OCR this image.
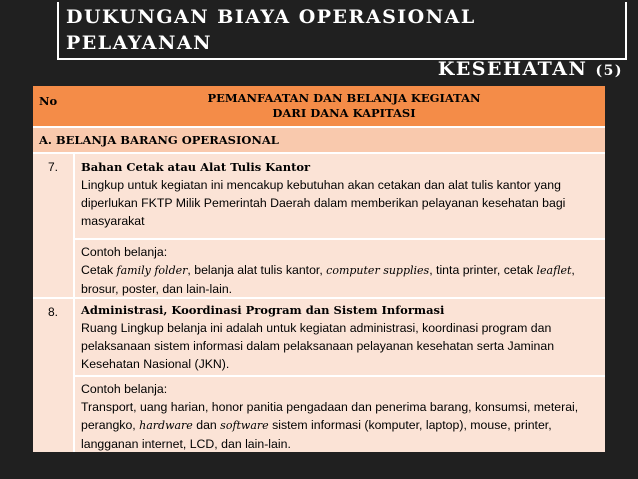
DUKUNGAN BIAYA OPERASIONAL PELAYANAN
KESEHATAN (5)
No	PEMANFAATAN DAN BELANJA KEGIATAN
DARI DANA KAPITASI
A. BELANJA BARANG OPERASIONAL
7.	Bahan Cetak atau Alat Tulis Kantor
Lingkup untuk kegiatan ini mencakup kebutuhan akan cetakan dan alat tulis kantor yang diperlukan FKTP Milik Pemerintah Daerah dalam memberikan pelayanan kesehatan bagi masyarakat
Contoh belanja:
Cetak family folder, belanja alat tulis kantor, computer supplies, tinta printer, cetak leaflet, brosur, poster, dan lain-lain.
8.	Administrasi, Koordinasi Program dan Sistem Informasi
Ruang Lingkup belanja ini adalah untuk kegiatan administrasi, koordinasi program dan pelaksanaan sistem informasi dalam pelaksanaan pelayanan kesehatan serta Jaminan Kesehatan Nasional (JKN).
Contoh belanja:
Transport, uang harian, honor panitia pengadaan dan penerima barang, konsumsi, meterai, perangko, hardware dan software sistem informasi (komputer, laptop), mouse, printer, langganan internet, LCD, dan lain-lain.
